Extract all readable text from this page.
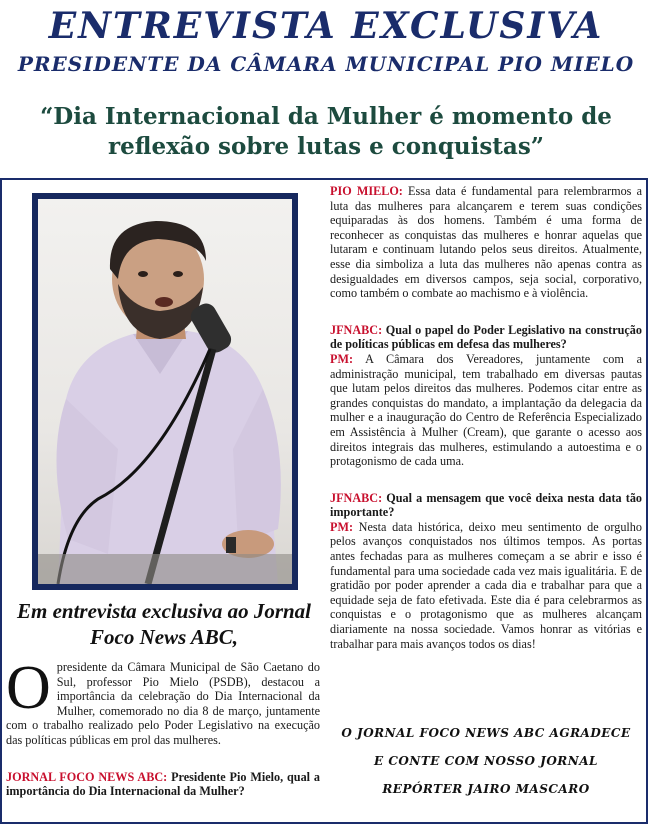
ENTREVISTA EXCLUSIVA
PRESIDENTE DA CÂMARA MUNICIPAL PIO MIELO
“Dia Internacional da Mulher é momento de reflexão sobre lutas e conquistas”
Em entrevista exclusiva ao Jornal Foco News ABC,
Opresidente da Câmara Municipal de São Caetano do Sul, professor Pio Mielo (PSDB), destacou a importância da celebração do Dia Internacional da Mulher, comemorado no dia 8 de março, juntamente com o trabalho realizado pelo Poder Legislativo na execução das políticas públicas em prol das mulheres.
JORNAL FOCO NEWS ABC: Presidente Pio Mielo, qual a importância do Dia Internacional da Mulher?
PIO MIELO: Essa data é fundamental para relembrarmos a luta das mulheres para alcançarem e terem suas condições equiparadas às dos homens. Também é uma forma de reconhecer as conquistas das mulheres e honrar aquelas que lutaram e continuam lutando pelos seus direitos. Atualmente, esse dia simboliza a luta das mulheres não apenas contra as desigualdades em diversos campos, seja social, corporativo, como também o combate ao machismo e à violência.
JFNABC: Qual o papel do Poder Legislativo na construção de políticas públicas em defesa das mulheres?
PM: A Câmara dos Vereadores, juntamente com a administração municipal, tem trabalhado em diversas pautas que lutam pelos direitos das mulheres. Podemos citar entre as grandes conquistas do mandato, a implantação da delegacia da mulher e a inauguração do Centro de Referência Especializado em Assistência à Mulher (Cream), que garante o acesso aos direitos integrais das mulheres, estimulando a autoestima e o protagonismo de cada uma.
JFNABC: Qual a mensagem que você deixa nesta data tão importante?
PM: Nesta data histórica, deixo meu sentimento de orgulho pelos avanços conquistados nos últimos tempos. As portas antes fechadas para as mulheres começam a se abrir e isso é fundamental para uma sociedade cada vez mais igualitária. E de gratidão por poder aprender a cada dia e trabalhar para que a equidade seja de fato efetivada. Este dia é para celebrarmos as conquistas e o protagonismo que as mulheres alcançam diariamente na nossa sociedade. Vamos honrar as vitórias e trabalhar para mais avanços todos os dias!
O JORNAL FOCO NEWS ABC AGRADECE
E CONTE COM NOSSO JORNAL
REPÓRTER JAIRO MASCARO
